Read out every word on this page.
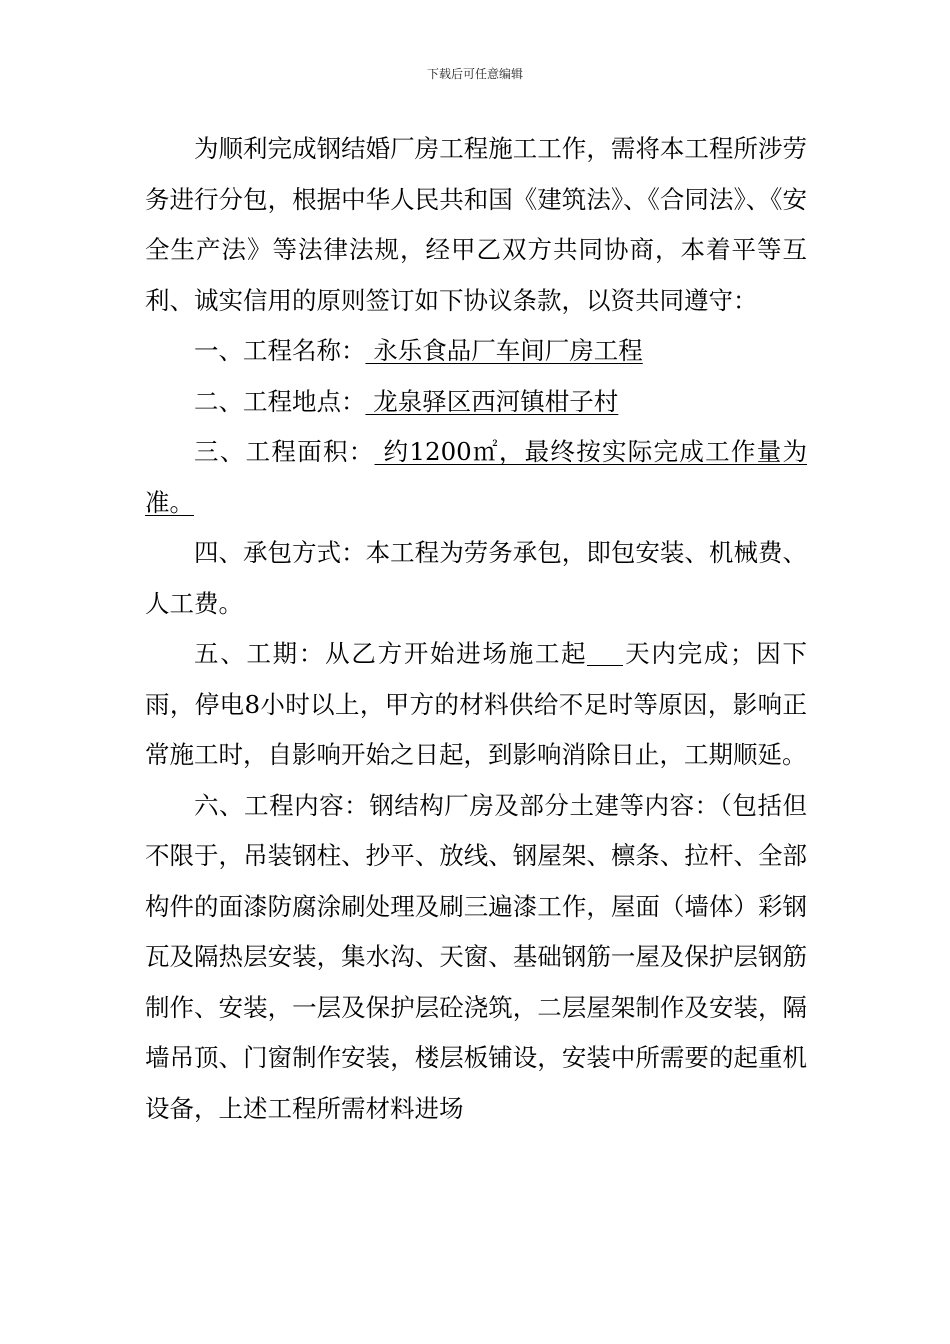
下载后可任意编辑

为顺利完成钢结婚厂房工程施工工作，需将本工程所涉劳务进行分包，根据中华人民共和国《建筑法》、《合同法》、《安全生产法》等法律法规，经甲乙双方共同协商，本着平等互利、诚实信用的原则签订如下协议条款，以资共同遵守：

一、工程名称： 永乐食品厂车间厂房工程

二、工程地点： 龙泉驿区西河镇柑子村

三、工程面积： 约1200㎡，最终按实际完成工作量为准。

四、承包方式：本工程为劳务承包，即包安装、机械费、人工费。

五、工期：从乙方开始进场施工起 天内完成；因下雨，停电8小时以上，甲方的材料供给不足时等原因，影响正常施工时，自影响开始之日起，到影响消除日止，工期顺延。

六、工程内容：钢结构厂房及部分土建等内容：（包括但不限于，吊装钢柱、抄平、放线、钢屋架、檩条、拉杆、全部构件的面漆防腐涂刷处理及刷三遍漆工作，屋面（墙体）彩钢瓦及隔热层安装，集水沟、天窗、基础钢筋一屋及保护层钢筋制作、安装，一层及保护层砼浇筑，二层屋架制作及安装，隔墙吊顶、门窗制作安装，楼层板铺设，安装中所需要的起重机设备，上述工程所需材料进场
